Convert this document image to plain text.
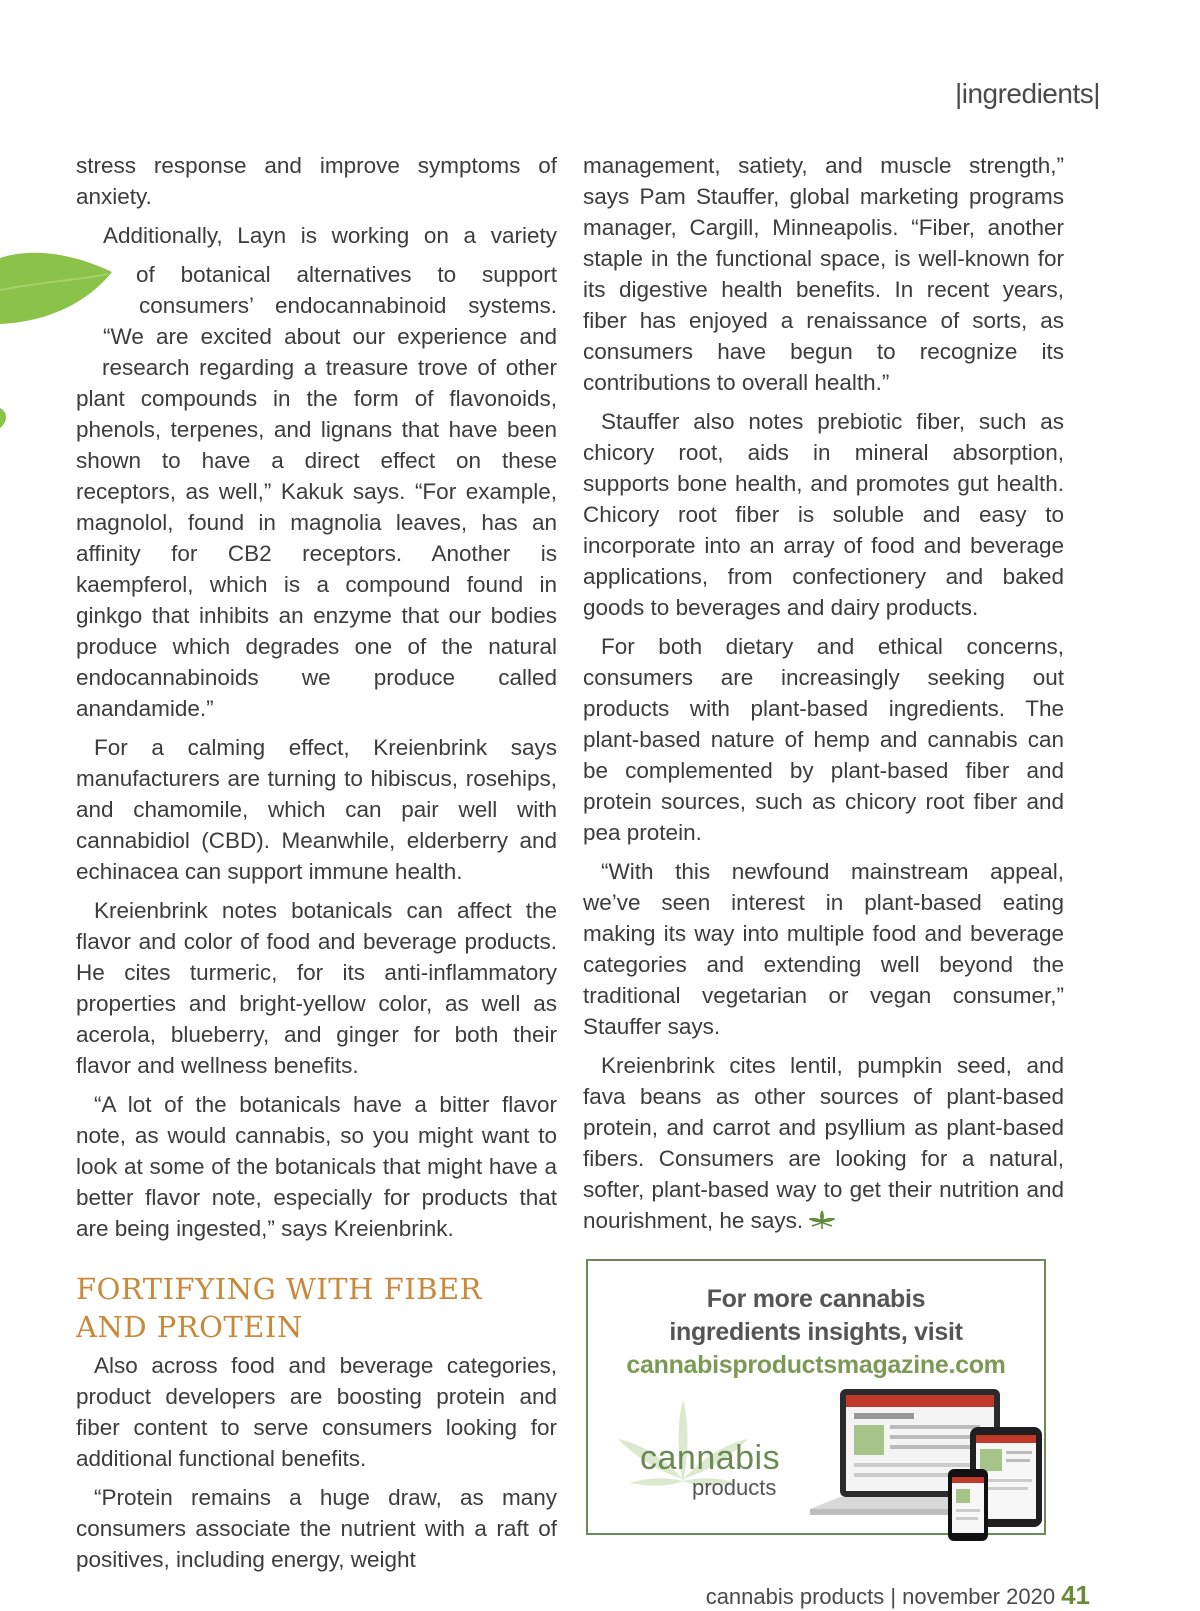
|ingredients|

stress response and improve symptoms of anxiety.

Additionally, Layn is working on a variety

of botanical alternatives to support

consumers’ endocannabinoid systems.

“We are excited about our experience and

research regarding a treasure trove of other

plant compounds in the form of flavonoids, phenols, terpenes, and lignans that have been shown to have a direct effect on these receptors, as well,” Kakuk says. “For example, magnolol, found in magnolia leaves, has an affinity for CB2 receptors. Another is kaempferol, which is a compound found in ginkgo that inhibits an enzyme that our bodies produce which degrades one of the natural endocannabinoids we produce called anandamide.”

For a calming effect, Kreienbrink says manufacturers are turning to hibiscus, rosehips, and chamomile, which can pair well with cannabidiol (CBD). Meanwhile, elderberry and echinacea can support immune health.

Kreienbrink notes botanicals can affect the flavor and color of food and beverage products. He cites turmeric, for its anti-inflammatory properties and bright-yellow color, as well as acerola, blueberry, and ginger for both their flavor and wellness benefits.

“A lot of the botanicals have a bitter flavor note, as would cannabis, so you might want to look at some of the botanicals that might have a better flavor note, especially for products that are being ingested,” says Kreienbrink.

FORTIFYING WITH FIBER
AND PROTEIN

Also across food and beverage categories, product developers are boosting protein and fiber content to serve consumers looking for additional functional benefits.

“Protein remains a huge draw, as many consumers associate the nutrient with a raft of positives, including energy, weight

management, satiety, and muscle strength,” says Pam Stauffer, global marketing programs manager, Cargill, Minneapolis. “Fiber, another staple in the functional space, is well-known for its digestive health benefits. In recent years, fiber has enjoyed a renaissance of sorts, as consumers have begun to recognize its contributions to overall health.”

Stauffer also notes prebiotic fiber, such as chicory root, aids in mineral absorption, supports bone health, and promotes gut health. Chicory root fiber is soluble and easy to incorporate into an array of food and beverage applications, from confectionery and baked goods to beverages and dairy products.

For both dietary and ethical concerns, consumers are increasingly seeking out products with plant-based ingredients. The plant-based nature of hemp and cannabis can be complemented by plant-based fiber and protein sources, such as chicory root fiber and pea protein.

“With this newfound mainstream appeal, we’ve seen interest in plant-based eating making its way into multiple food and beverage categories and extending well beyond the traditional vegetarian or vegan consumer,” Stauffer says.

Kreienbrink cites lentil, pumpkin seed, and fava beans as other sources of plant-based protein, and carrot and psyllium as plant-based fibers. Consumers are looking for a natural, softer, plant-based way to get their nutrition and nourishment, he says.

For more cannabis
ingredients insights, visit
cannabisproductsmagazine.com
cannabis
products
cannabis products | november 2020 41
